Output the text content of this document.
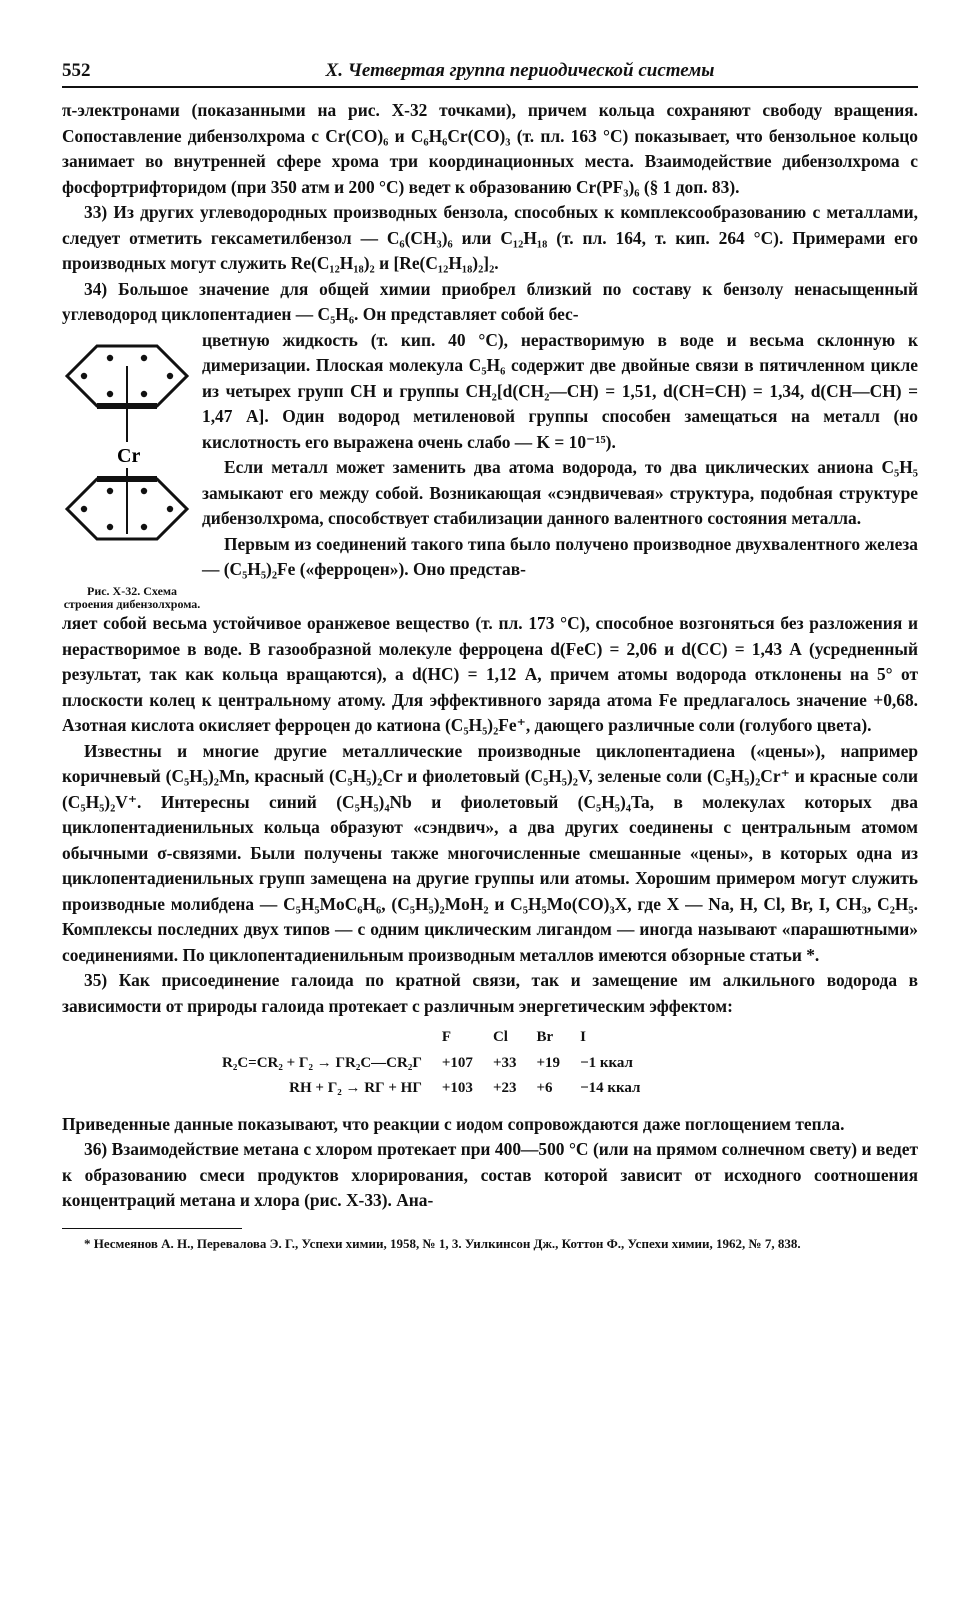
552	X. Четвертая группа периодической системы

π-электронами (показанными на рис. X-32 точками), причем кольца сохраняют свободу вращения. Сопоставление дибензолхрома с Cr(CO)₆ и C₆H₆Cr(CO)₃ (т. пл. 163 °С) показывает, что бензольное кольцо занимает во внутренней сфере хрома три координационных места. Взаимодействие дибензолхрома с фосфортрифторидом (при 350 атм и 200 °С) ведет к образованию Cr(PF₃)₆ (§ 1 доп. 83).

33) Из других углеводородных производных бензола, способных к комплексообразованию с металлами, следует отметить гексаметилбензол — C₆(CH₃)₆ или C₁₂H₁₈ (т. пл. 164, т. кип. 264 °С). Примерами его производных могут служить Re(C₁₂H₁₈)₂ и [Re(C₁₂H₁₈)₂]₂.

34) Большое значение для общей химии приобрел близкий по составу к бензолу ненасыщенный углеводород циклопентадиен — C₅H₆. Он представляет собой бес-

Cr
Рис. X-32. Схема строения дибензолхрома.

цветную жидкость (т. кип. 40 °С), нерастворимую в воде и весьма склонную к димеризации. Плоская молекула C₅H₆ содержит две двойные связи в пятичленном цикле из четырех групп CH и группы CH₂[d(CH₂—CH) = 1,51, d(CH=CH) = 1,34, d(CH—CH) = 1,47 А]. Один водород метиленовой группы способен замещаться на металл (но кислотность его выражена очень слабо — K = 10⁻¹⁵).

Если металл может заменить два атома водорода, то два циклических аниона C₅H₅ замыкают его между собой. Возникающая «сэндвичевая» структура, подобная структуре дибензолхрома, способствует стабилизации данного валентного состояния металла.

Первым из соединений такого типа было получено производное двухвалентного железа — (C₅H₅)₂Fe («ферроцен»). Оно представ-

ляет собой весьма устойчивое оранжевое вещество (т. пл. 173 °С), способное возгоняться без разложения и нерастворимое в воде. В газообразной молекуле ферроцена d(FeC) = 2,06 и d(CC) = 1,43 А (усредненный результат, так как кольца вращаются), а d(HC) = 1,12 А, причем атомы водорода отклонены на 5° от плоскости колец к центральному атому. Для эффективного заряда атома Fe предлагалось значение +0,68. Азотная кислота окисляет ферроцен до катиона (C₅H₅)₂Fe⁺, дающего различные соли (голубого цвета).

Известны и многие другие металлические производные циклопентадиена («цены»), например коричневый (C₅H₅)₂Mn, красный (C₅H₅)₂Cr и фиолетовый (C₅H₅)₂V, зеленые соли (C₅H₅)₂Cr⁺ и красные соли (C₅H₅)₂V⁺. Интересны синий (C₅H₅)₄Nb и фиолетовый (C₅H₅)₄Ta, в молекулах которых два циклопентадиенильных кольца образуют «сэндвич», а два других соединены с центральным атомом обычными σ-связями. Были получены также многочисленные смешанные «цены», в которых одна из циклопентадиенильных групп замещена на другие группы или атомы. Хорошим примером могут служить производные молибдена — C₅H₅MoC₆H₆, (C₅H₅)₂MoH₂ и C₅H₅Mo(CO)₃X, где X — Na, H, Cl, Br, I, CH₃, C₂H₅. Комплексы последних двух типов — с одним циклическим лигандом — иногда называют «парашютными» соединениями. По циклопентадиенильным производным металлов имеются обзорные статьи *.

35) Как присоединение галоида по кратной связи, так и замещение им алкильного водорода в зависимости от природы галоида протекает с различным энергетическим эффектом:

	F	Cl	Br	I
R₂C=CR₂ + Г₂ → ГR₂C—CR₂Г	+107	+33	+19	−1 ккал
RH + Г₂ → RГ + НГ	+103	+23	+6	−14 ккал

Приведенные данные показывают, что реакции с иодом сопровождаются даже поглощением тепла.

36) Взаимодействие метана с хлором протекает при 400—500 °С (или на прямом солнечном свету) и ведет к образованию смеси продуктов хлорирования, состав которой зависит от исходного соотношения концентраций метана и хлора (рис. X-33). Ана-

* Несмеянов А. Н., Перевалова Э. Г., Успехи химии, 1958, № 1, 3. Уилкинсон Дж., Коттон Ф., Успехи химии, 1962, № 7, 838.
